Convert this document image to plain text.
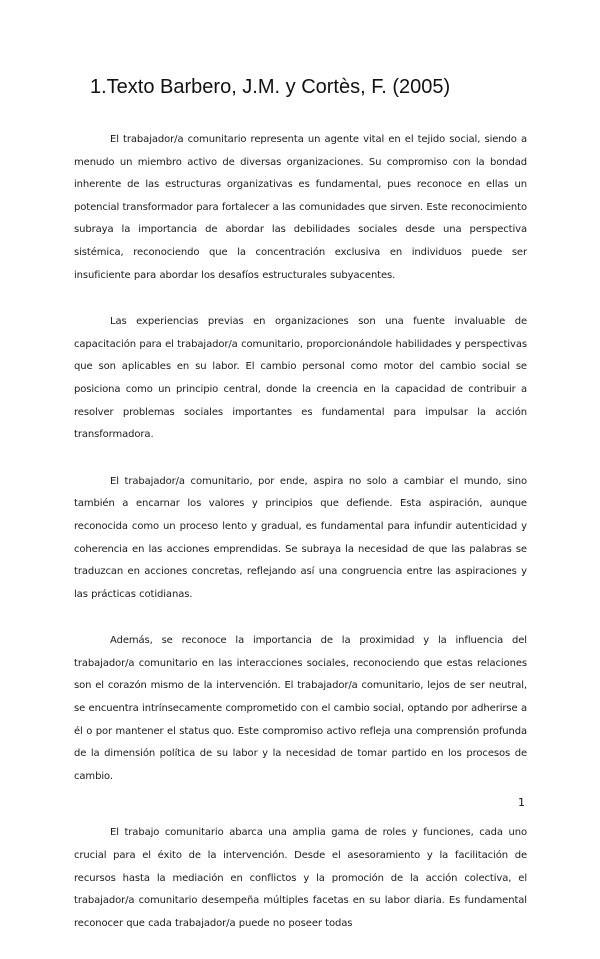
1.Texto Barbero, J.M. y Cortès, F. (2005)

El trabajador/a comunitario representa un agente vital en el tejido social, siendo a menudo un miembro activo de diversas organizaciones. Su compromiso con la bondad inherente de las estructuras organizativas es fundamental, pues reconoce en ellas un potencial transformador para fortalecer a las comunidades que sirven. Este reconocimiento subraya la importancia de abordar las debilidades sociales desde una perspectiva sistémica, reconociendo que la concentración exclusiva en individuos puede ser insuficiente para abordar los desafíos estructurales subyacentes.

Las experiencias previas en organizaciones son una fuente invaluable de capacitación para el trabajador/a comunitario, proporcionándole habilidades y perspectivas que son aplicables en su labor. El cambio personal como motor del cambio social se posiciona como un principio central, donde la creencia en la capacidad de contribuir a resolver problemas sociales importantes es fundamental para impulsar la acción transformadora.

El trabajador/a comunitario, por ende, aspira no solo a cambiar el mundo, sino también a encarnar los valores y principios que defiende. Esta aspiración, aunque reconocida como un proceso lento y gradual, es fundamental para infundir autenticidad y coherencia en las acciones emprendidas. Se subraya la necesidad de que las palabras se traduzcan en acciones concretas, reflejando así una congruencia entre las aspiraciones y las prácticas cotidianas.

Además, se reconoce la importancia de la proximidad y la influencia del trabajador/a comunitario en las interacciones sociales, reconociendo que estas relaciones son el corazón mismo de la intervención. El trabajador/a comunitario, lejos de ser neutral, se encuentra intrínsecamente comprometido con el cambio social, optando por adherirse a él o por mantener el status quo. Este compromiso activo refleja una comprensión profunda de la dimensión política de su labor y la necesidad de tomar partido en los procesos de cambio.

El trabajo comunitario abarca una amplia gama de roles y funciones, cada uno crucial para el éxito de la intervención. Desde el asesoramiento y la facilitación de recursos hasta la mediación en conflictos y la promoción de la acción colectiva, el trabajador/a comunitario desempeña múltiples facetas en su labor diaria. Es fundamental reconocer que cada trabajador/a puede no poseer todas

1
